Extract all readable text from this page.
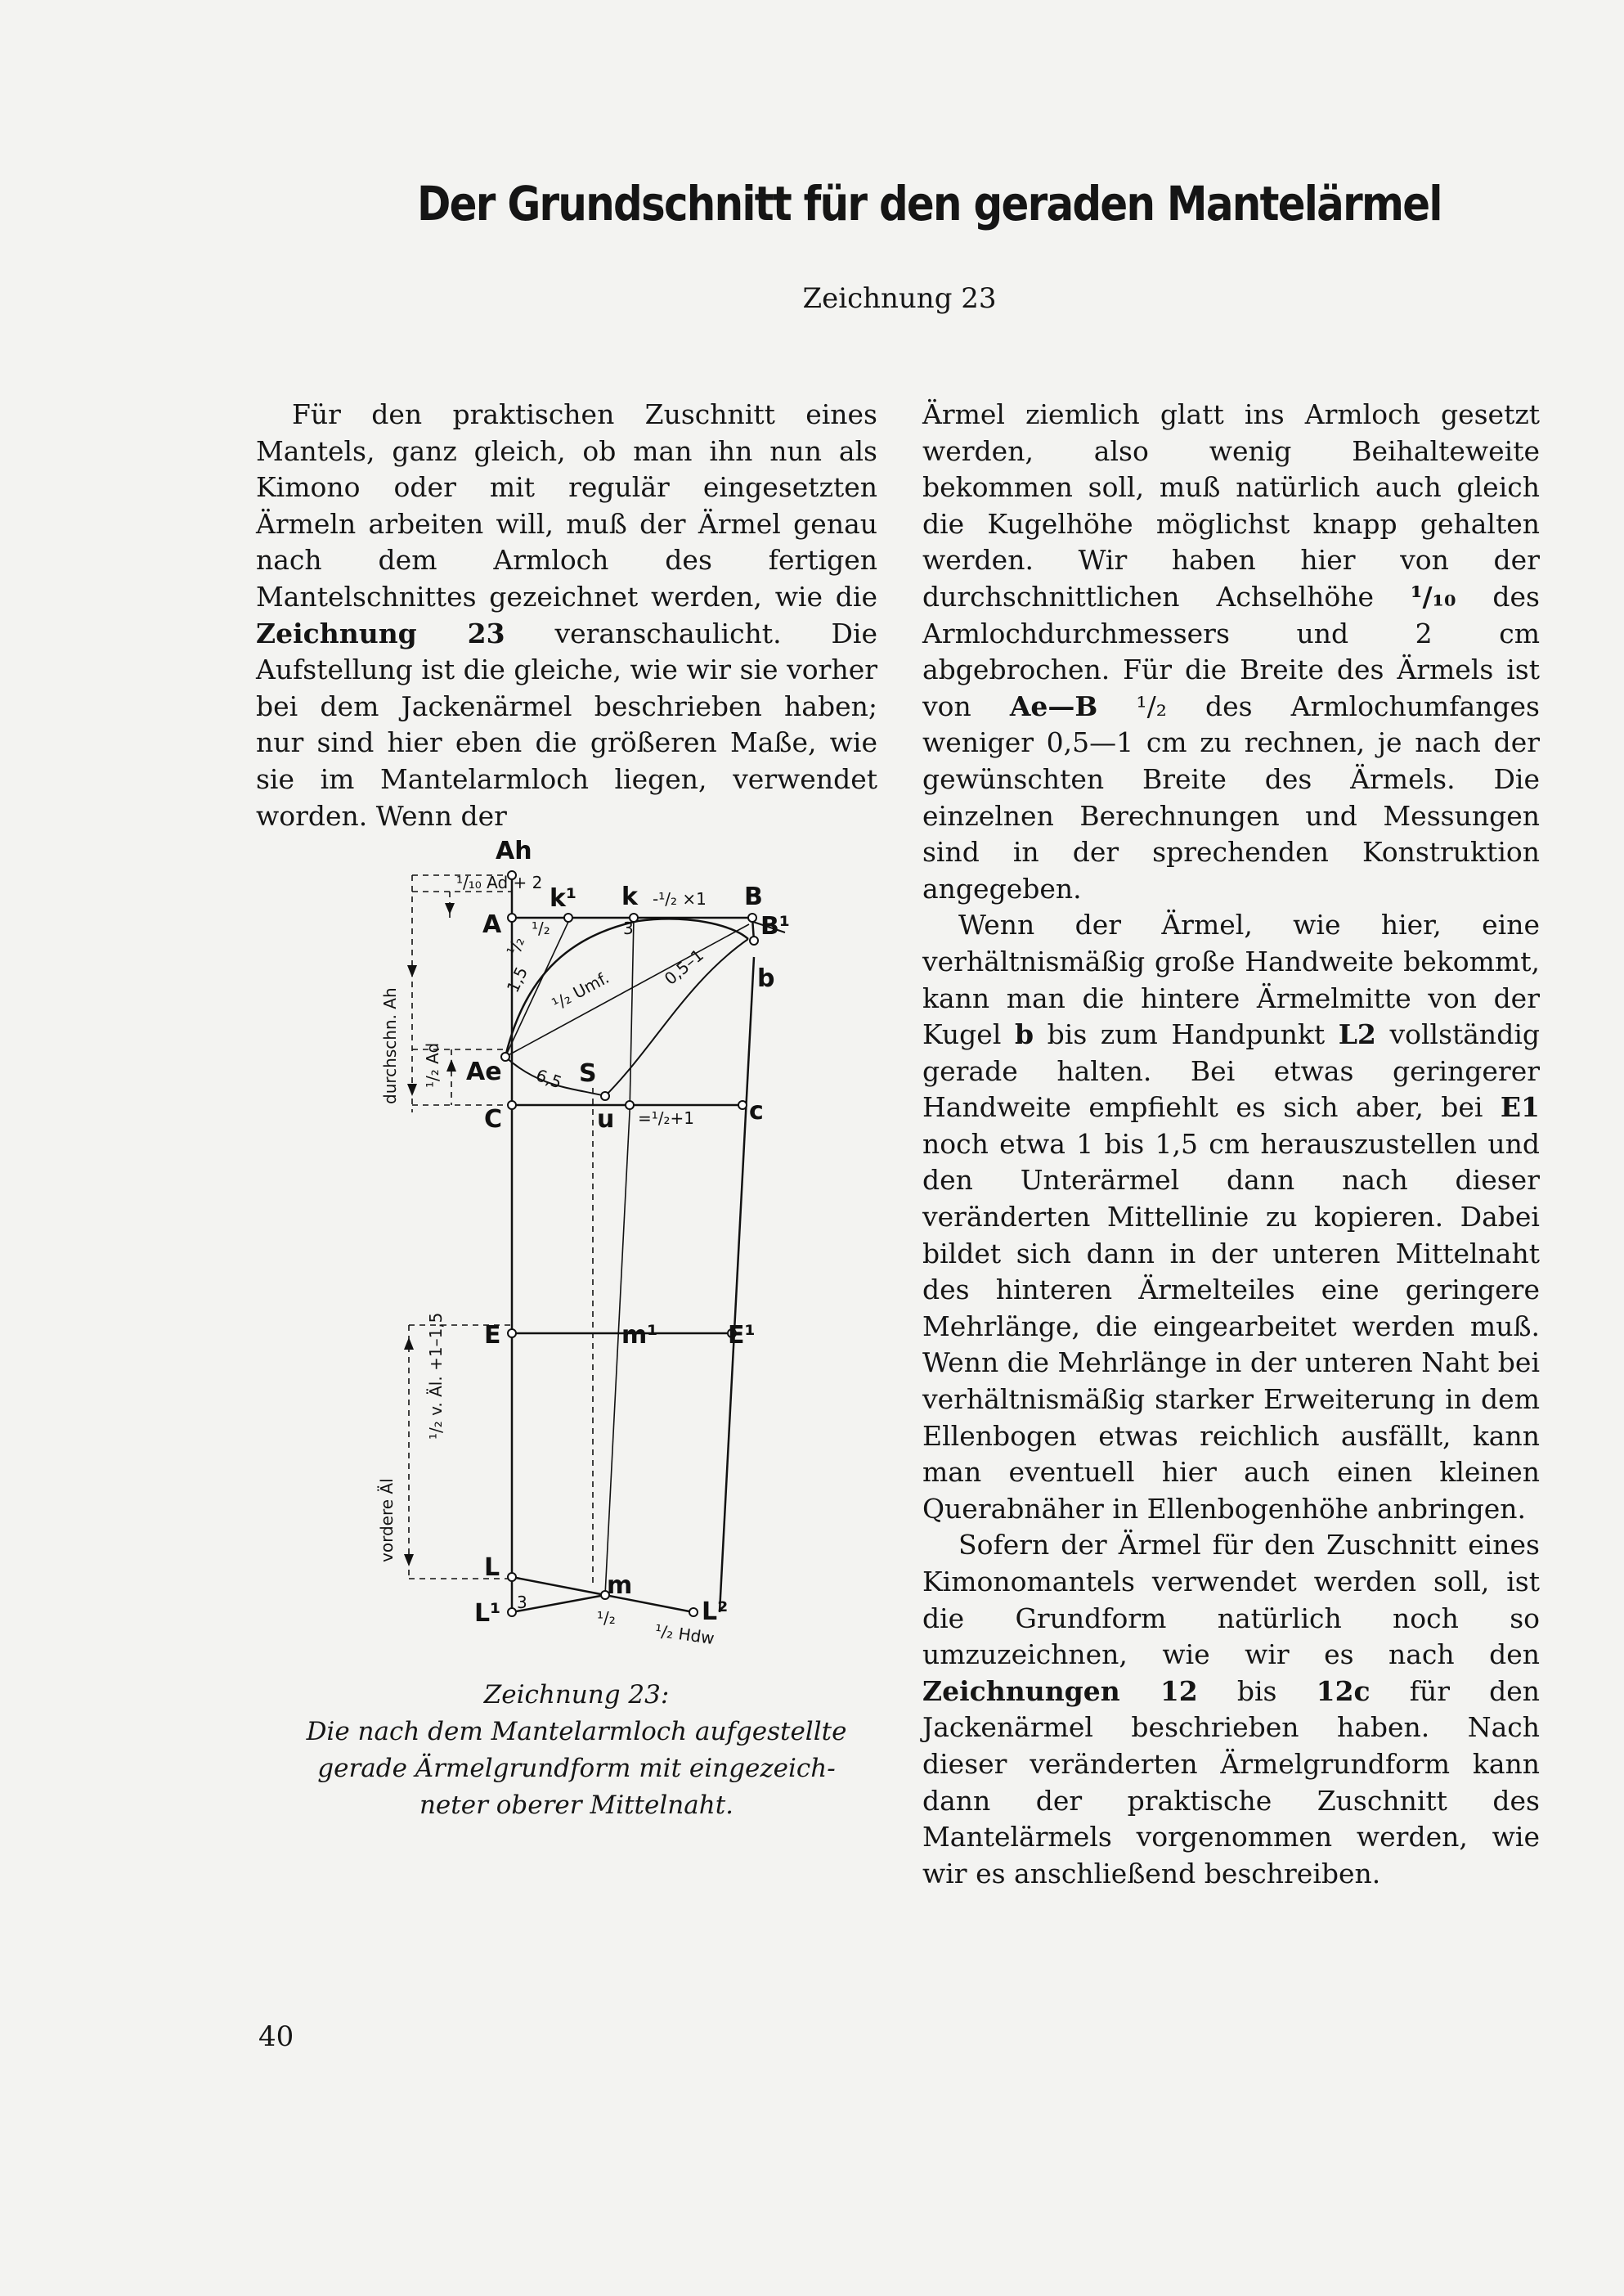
Der Grundschnitt für den geraden Mantelärmel
Zeichnung 23

Für den praktischen Zuschnitt eines Mantels, ganz gleich, ob man ihn nun als Kimono oder mit regulär eingesetzten Ärmeln arbeiten will, muß der Ärmel genau nach dem Armloch des fertigen Mantelschnittes gezeichnet werden, wie die Zeichnung 23 veranschaulicht. Die Aufstellung ist die gleiche, wie wir sie vorher bei dem Jackenärmel beschrieben haben; nur sind hier eben die größeren Maße, wie sie im Mantelarmloch liegen, verwendet worden. Wenn der

Ärmel ziemlich glatt ins Armloch gesetzt werden, also wenig Beihalteweite bekommen soll, muß natürlich auch gleich die Kugelhöhe möglichst knapp gehalten werden. Wir haben hier von der durchschnittlichen Achselhöhe ¹/₁₀ des Armlochdurchmessers und 2 cm abgebrochen. Für die Breite des Ärmels ist von Ae—B ¹/₂ des Armlochumfanges weniger 0,5—1 cm zu rechnen, je nach der gewünschten Breite des Ärmels. Die einzelnen Berechnungen und Messungen sind in der sprechenden Konstruktion angegeben.

Wenn der Ärmel, wie hier, eine verhältnismäßig große Handweite bekommt, kann man die hintere Ärmelmitte von der Kugel b bis zum Handpunkt L2 vollständig gerade halten. Bei etwas geringerer Handweite empfiehlt es sich aber, bei E1 noch etwa 1 bis 1,5 cm herauszustellen und den Unterärmel dann nach dieser veränderten Mittellinie zu kopieren. Dabei bildet sich dann in der unteren Mittelnaht des hinteren Ärmelteiles eine geringere Mehrlänge, die eingearbeitet werden muß. Wenn die Mehrlänge in der unteren Naht bei verhältnismäßig starker Erweiterung in dem Ellenbogen etwas reichlich ausfällt, kann man eventuell hier auch einen kleinen Querabnäher in Ellenbogenhöhe anbringen.

Sofern der Ärmel für den Zuschnitt eines Kimonomantels verwendet werden soll, ist die Grundform natürlich noch so umzuzeichnen, wie wir es nach den Zeichnungen 12 bis 12c für den Jackenärmel beschrieben haben. Nach dieser veränderten Ärmelgrundform kann dann der praktische Zuschnitt des Mantelärmels vorgenommen werden, wie wir es anschließend beschreiben.

Ah
A
k¹ k	B
B¹
b
Ae	S
C	u	c
E	m¹	E¹
L
m
L¹	L²
-¹/₂ ×1
=¹/₂+1
¹/₁₀ Ad + 2
¹/₂	3
1,5
¹/₂
¹/₂ Umf.
0,5–1
6,5
¹/₂ Ad
durchschn. Ah
¹/₂ v. Äl. +1–1,5
vordere Äl
3
¹/₂
¹/₂ Hdw
Zeichnung 23:
Die nach dem Mantelarmloch aufgestellte
gerade Ärmelgrundform mit eingezeich-
neter oberer Mittelnaht.
40
